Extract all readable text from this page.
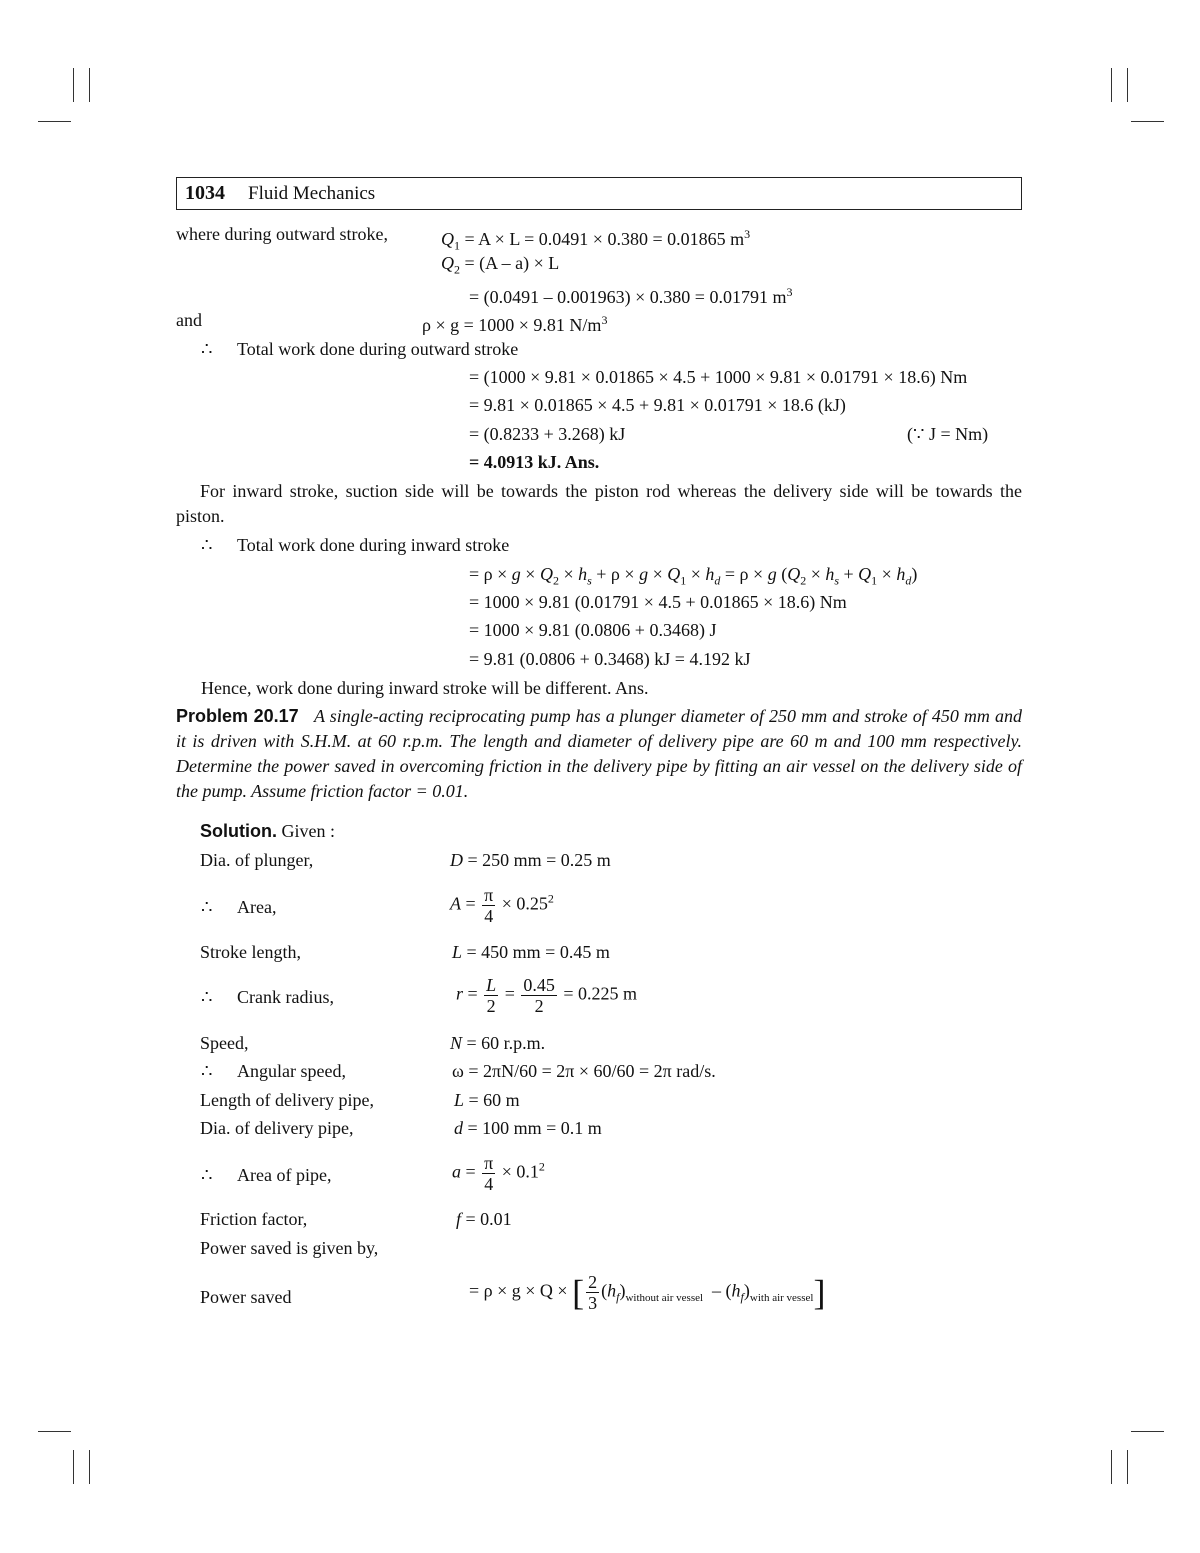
1034 Fluid Mechanics
where during outward stroke,	$Q_1 = A \times L = 0.0491 \times 0.380 = 0.01865$ $m^3$
$Q_2 = (A - a) \times L$
= (0.0491 – 0.001963) × 0.380 = 0.01791 $m^3$
and	ρ × g = 1000 × 9.81 $N/m^3$
∴ Total work done during outward stroke
= (1000 × 9.81 × 0.01865 × 4.5 + 1000 × 9.81 × 0.01791 × 18.6) Nm
= 9.81 × 0.01865 × 4.5 + 9.81 × 0.01791 × 18.6 (kJ)
= (0.8233 + 3.268) kJ	(∵ J = Nm)
= 4.0913 kJ. Ans.
For inward stroke, suction side will be towards the piston rod whereas the delivery side will be towards the piston.
∴ Total work done during inward stroke
= $\rho \times g \times Q_2 \times h_s + \rho \times g \times Q_1 \times h_d = \rho \times g$ $(Q_2 \times h_s + Q_1 \times h_d)$
= 1000 × 9.81 (0.01791 × 4.5 + 0.01865 × 18.6) Nm
= 1000 × 9.81 (0.0806 + 0.3468) J
= 9.81 (0.0806 + 0.3468) kJ = 4.192 kJ
Hence, work done during inward stroke will be different. Ans.
Problem 20.17 A single-acting reciprocating pump has a plunger diameter of 250 mm and stroke of 450 mm and it is driven with S.H.M. at 60 r.p.m. The length and diameter of delivery pipe are 60 m and 100 mm respectively. Determine the power saved in overcoming friction in the delivery pipe by fitting an air vessel on the delivery side of the pump. Assume friction factor = 0.01.
Solution. Given :
Dia. of plunger,	D = 250 mm = 0.25 m
∴ Area,	$A = \frac{\pi}{4} \times 0.25^2$
Stroke length,	L = 450 mm = 0.45 m
∴ Crank radius,	$r = \frac{L}{2} = \frac{0.45}{2} = 0.225$ m
Speed,	N = 60 r.p.m.
∴ Angular speed,	ω = 2πN/60 = 2π × 60/60 = 2π rad/s.
Length of delivery pipe,	L = 60 m
Dia. of delivery pipe,	d = 100 mm = 0.1 m
∴ Area of pipe,	$a = \frac{\pi}{4} \times 0.1^2$
Friction factor,	f = 0.01
Power saved is given by,
Power saved	= ρ × g × Q × [ $\frac{2}{3} (h_f)_{without air vessel} - (h_f)_{with air vessel}$]
